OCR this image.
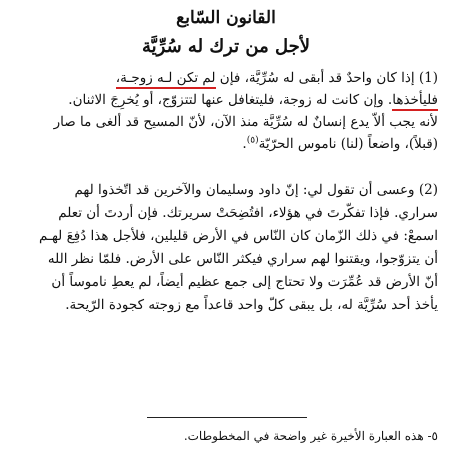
القانون السّابع
لأجل من ترك له سُرِّيَّة
(1) إذا كان واحدٌ قد أبقى له سُرِّيَّة، فإن لم تكن لـه زوجـة،
فليأخذها. وإن كانت له زوجة، فليتغافل عنها لتتزوّج، أو يُخرِجَ الاثنان.
لأنه يجب ألاّ يدع إنسانٌ له سُرِّيَّة منذ الآن، لأنّ المسيح قد ألغى ما صار
(قبلاً)، واضعاً (لنا) ناموس الحرّيّة$^{(٥)}$.
(2) وعسى أن تقول لي: إنّ داود وسليمان والآخرين قد اتّخذوا لهم
سراري. فإذا تفكّرتَ في هؤلاء، افتُضِحَتْ سريرتك. فإن أردتَ أن تعلم
اسمعْ: في ذلك الزّمان كان النّاس في الأرض قليلين، فلأجل هذا دُفِعَ لهـم
أن يتزوّجوا، ويقتنوا لهم سراري فيكثر النّاس على الأرض. فلمّا نظر الله
أنّ الأرض قد عُمِّرَت ولا تحتاج إلى جمع عظيم أيضاً، لم يعطِ ناموساً أن
يأخذ أحد سُرِّيَّة له، بل يبقى كلّ واحد قاعداً مع زوجته كجودة الرّيحة.
٥- هذه العبارة الأخيرة غير واضحة في المخطوطات.
